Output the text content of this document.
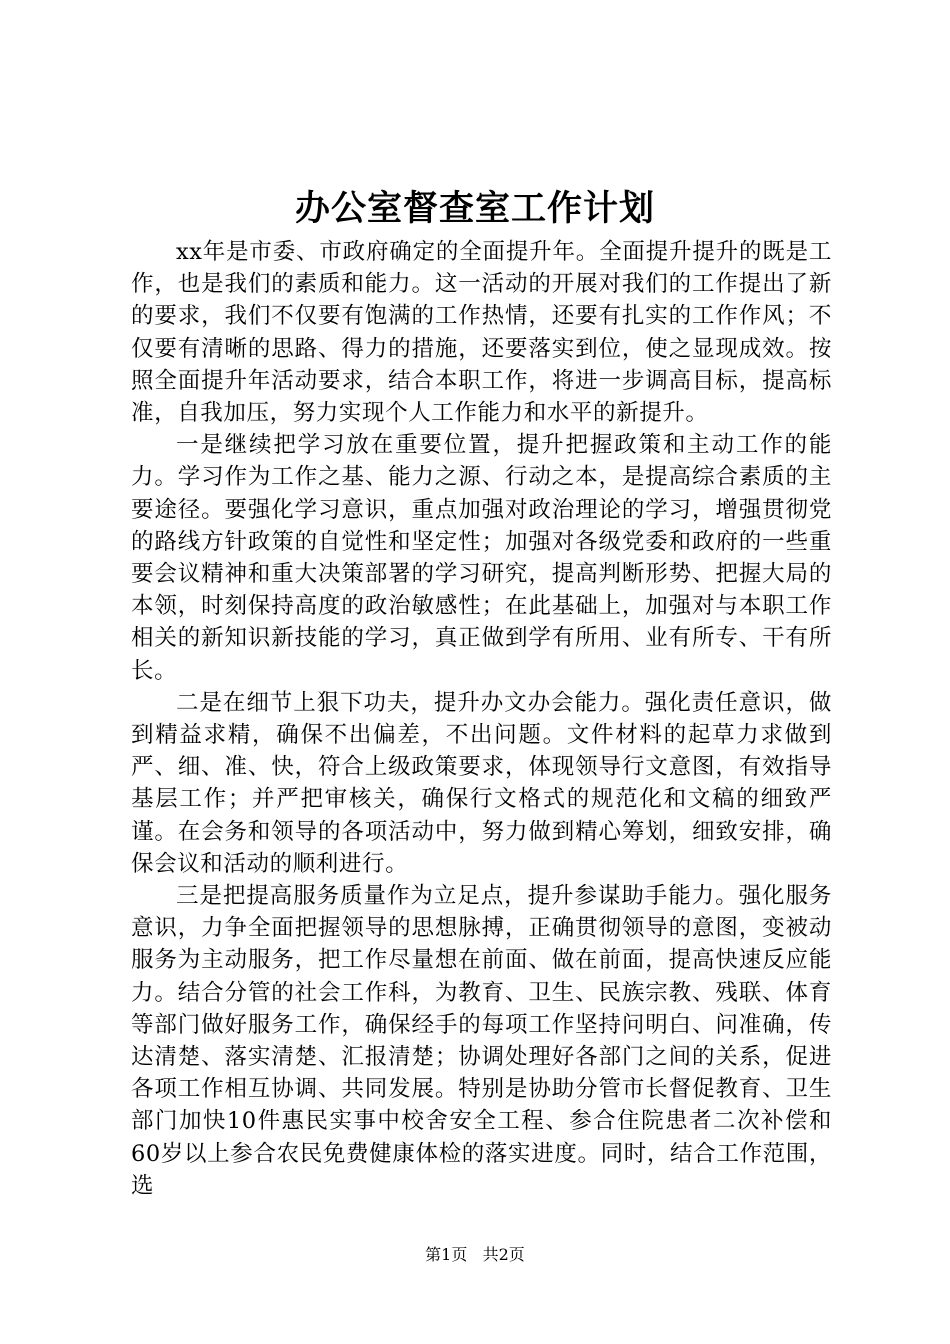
办公室督查室工作计划

xx年是市委、市政府确定的全面提升年。全面提升提升的既是工作，也是我们的素质和能力。这一活动的开展对我们的工作提出了新的要求，我们不仅要有饱满的工作热情，还要有扎实的工作作风；不仅要有清晰的思路、得力的措施，还要落实到位，使之显现成效。按照全面提升年活动要求，结合本职工作，将进一步调高目标，提高标准，自我加压，努力实现个人工作能力和水平的新提升。

一是继续把学习放在重要位置，提升把握政策和主动工作的能力。学习作为工作之基、能力之源、行动之本，是提高综合素质的主要途径。要强化学习意识，重点加强对政治理论的学习，增强贯彻党的路线方针政策的自觉性和坚定性；加强对各级党委和政府的一些重要会议精神和重大决策部署的学习研究，提高判断形势、把握大局的本领，时刻保持高度的政治敏感性；在此基础上，加强对与本职工作相关的新知识新技能的学习，真正做到学有所用、业有所专、干有所长。

二是在细节上狠下功夫，提升办文办会能力。强化责任意识，做到精益求精，确保不出偏差，不出问题。文件材料的起草力求做到严、细、准、快，符合上级政策要求，体现领导行文意图，有效指导基层工作；并严把审核关，确保行文格式的规范化和文稿的细致严谨。在会务和领导的各项活动中，努力做到精心筹划，细致安排，确保会议和活动的顺利进行。

三是把提高服务质量作为立足点，提升参谋助手能力。强化服务意识，力争全面把握领导的思想脉搏，正确贯彻领导的意图，变被动服务为主动服务，把工作尽量想在前面、做在前面，提高快速反应能力。结合分管的社会工作科，为教育、卫生、民族宗教、残联、体育等部门做好服务工作，确保经手的每项工作坚持问明白、问准确，传达清楚、落实清楚、汇报清楚；协调处理好各部门之间的关系，促进各项工作相互协调、共同发展。特别是协助分管市长督促教育、卫生部门加快10件惠民实事中校舍安全工程、参合住院患者二次补偿和60岁以上参合农民免费健康体检的落实进度。同时，结合工作范围，选

第1页 共2页
